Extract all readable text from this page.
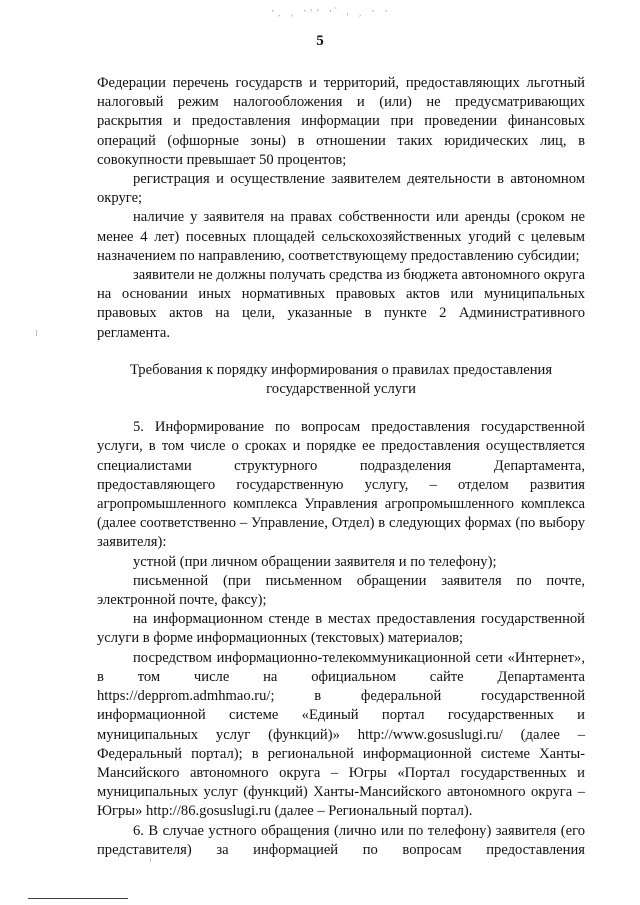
·ˏ ˎ ·˒˓ ·ˋ ˌ ˏ · ·
5

Федерации перечень государств и территорий, предоставляющих льготный налоговый режим налогообложения и (или) не предусматривающих раскрытия и предоставления информации при проведении финансовых операций (офшорные зоны) в отношении таких юридических лиц, в совокупности превышает 50 процентов;

регистрация и осуществление заявителем деятельности в автономном округе;

наличие у заявителя на правах собственности или аренды (сроком не менее 4 лет) посевных площадей сельскохозяйственных угодий с целевым назначением по направлению, соответствующему предоставлению субсидии;

заявители не должны получать средства из бюджета автономного округа на основании иных нормативных правовых актов или муниципальных правовых актов на цели, указанные в пункте 2 Административного регламента.

Требования к порядку информирования о правилах предоставления
государственной услуги

5. Информирование по вопросам предоставления государственной услуги, в том числе о сроках и порядке ее предоставления осуществляется специалистами структурного подразделения Департамента, предоставляющего государственную услугу, – отделом развития агропромышленного комплекса Управления агропромышленного комплекса (далее соответственно – Управление, Отдел) в следующих формах (по выбору заявителя):

устной (при личном обращении заявителя и по телефону);

письменной (при письменном обращении заявителя по почте, электронной почте, факсу);

на информационном стенде в местах предоставления государственной услуги в форме информационных (текстовых) материалов;

посредством информационно-телекоммуникационной сети «Интернет», в том числе на официальном сайте Департамента https://depprom.admhmao.ru/; в федеральной государственной информационной системе «Единый портал государственных и муниципальных услуг (функций)» http://www.gosuslugi.ru/ (далее – Федеральный портал); в региональной информационной системе Ханты-Мансийского автономного округа – Югры «Портал государственных и муниципальных услуг (функций) Ханты-Мансийского автономного округа – Югры» http://86.gosuslugi.ru (далее – Региональный портал).

6. В случае устного обращения (лично или по телефону) заявителя (его представителя) за информацией по вопросам предоставления
